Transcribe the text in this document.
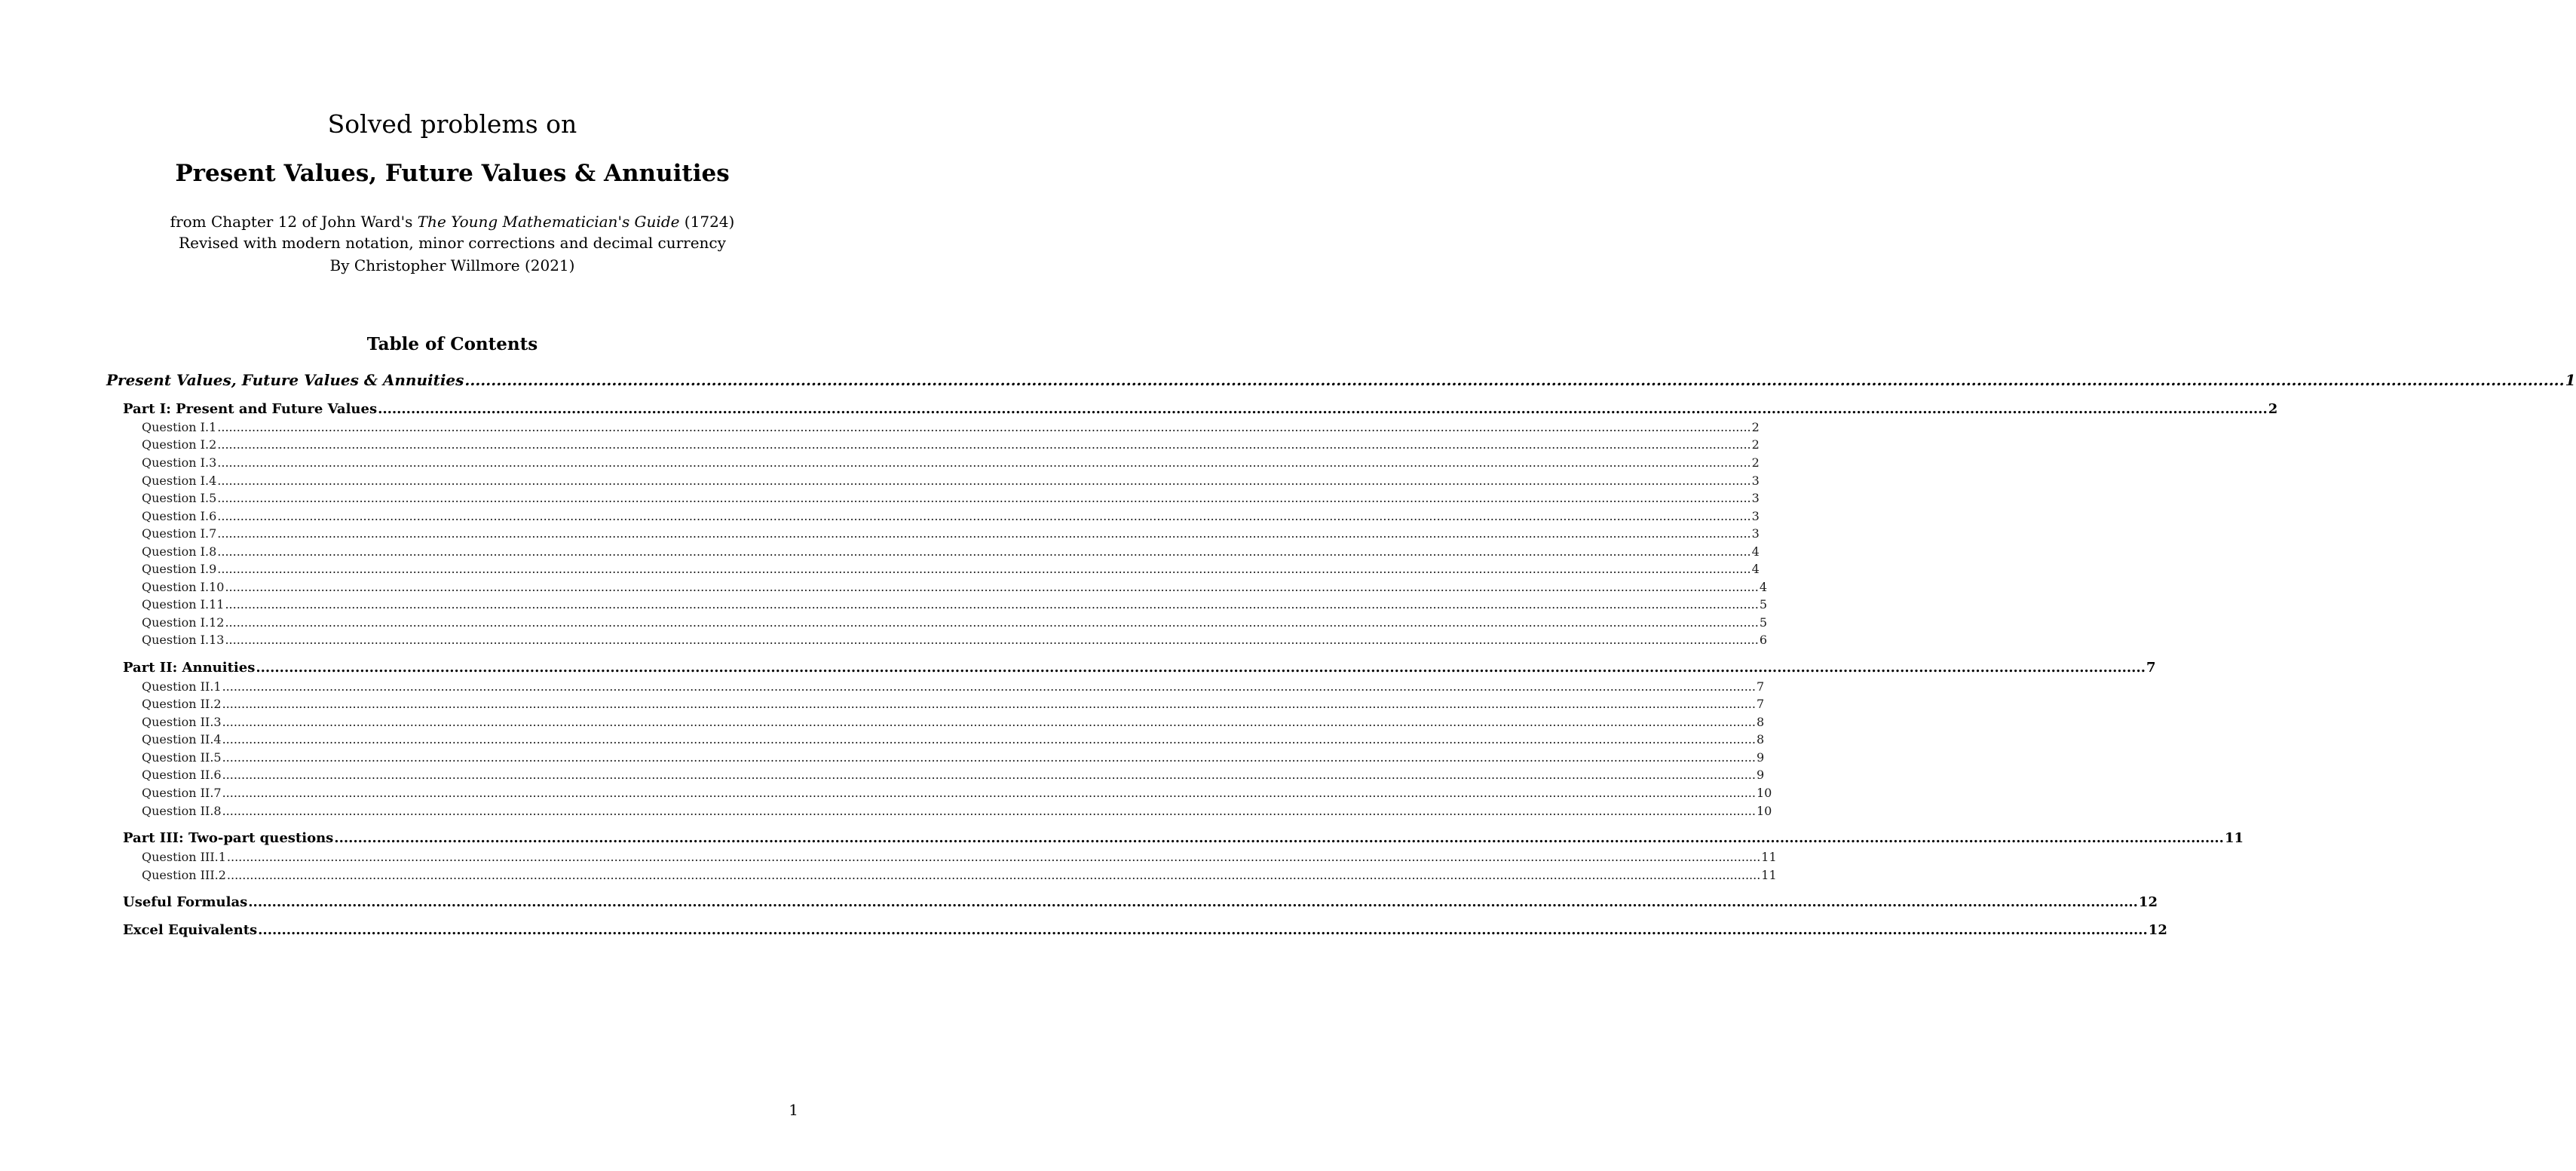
Solved problems on
Present Values, Future Values & Annuities
from Chapter 12 of John Ward's The Young Mathematician's Guide (1724)
Revised with modern notation, minor corrections and decimal currency
By Christopher Willmore (2021)
Table of Contents
Present Values, Future Values & Annuities ................................................................................................................................................................................................................................................................................................................................................................................................................ 1
Part I: Present and Future Values ................................................................................................................................................................................................................................................................................................................................................................................................................ 2
Question I.1 ................................................................................................................................................................................................................................................................................................................................................................................................................ 2
Question I.2 ................................................................................................................................................................................................................................................................................................................................................................................................................ 2
Question I.3 ................................................................................................................................................................................................................................................................................................................................................................................................................ 2
Question I.4 ................................................................................................................................................................................................................................................................................................................................................................................................................ 3
Question I.5 ................................................................................................................................................................................................................................................................................................................................................................................................................ 3
Question I.6 ................................................................................................................................................................................................................................................................................................................................................................................................................ 3
Question I.7 ................................................................................................................................................................................................................................................................................................................................................................................................................ 3
Question I.8 ................................................................................................................................................................................................................................................................................................................................................................................................................ 4
Question I.9 ................................................................................................................................................................................................................................................................................................................................................................................................................ 4
Question I.10 ................................................................................................................................................................................................................................................................................................................................................................................................................ 4
Question I.11 ................................................................................................................................................................................................................................................................................................................................................................................................................ 5
Question I.12 ................................................................................................................................................................................................................................................................................................................................................................................................................ 5
Question I.13 ................................................................................................................................................................................................................................................................................................................................................................................................................ 6
Part II: Annuities ................................................................................................................................................................................................................................................................................................................................................................................................................ 7
Question II.1 ................................................................................................................................................................................................................................................................................................................................................................................................................ 7
Question II.2 ................................................................................................................................................................................................................................................................................................................................................................................................................ 7
Question II.3 ................................................................................................................................................................................................................................................................................................................................................................................................................ 8
Question II.4 ................................................................................................................................................................................................................................................................................................................................................................................................................ 8
Question II.5 ................................................................................................................................................................................................................................................................................................................................................................................................................ 9
Question II.6 ................................................................................................................................................................................................................................................................................................................................................................................................................ 9
Question II.7 ................................................................................................................................................................................................................................................................................................................................................................................................................ 10
Question II.8 ................................................................................................................................................................................................................................................................................................................................................................................................................ 10
Part III: Two-part questions ................................................................................................................................................................................................................................................................................................................................................................................................................ 11
Question III.1 ................................................................................................................................................................................................................................................................................................................................................................................................................ 11
Question III.2 ................................................................................................................................................................................................................................................................................................................................................................................................................ 11
Useful Formulas ................................................................................................................................................................................................................................................................................................................................................................................................................ 12
Excel Equivalents ................................................................................................................................................................................................................................................................................................................................................................................................................ 12
1
